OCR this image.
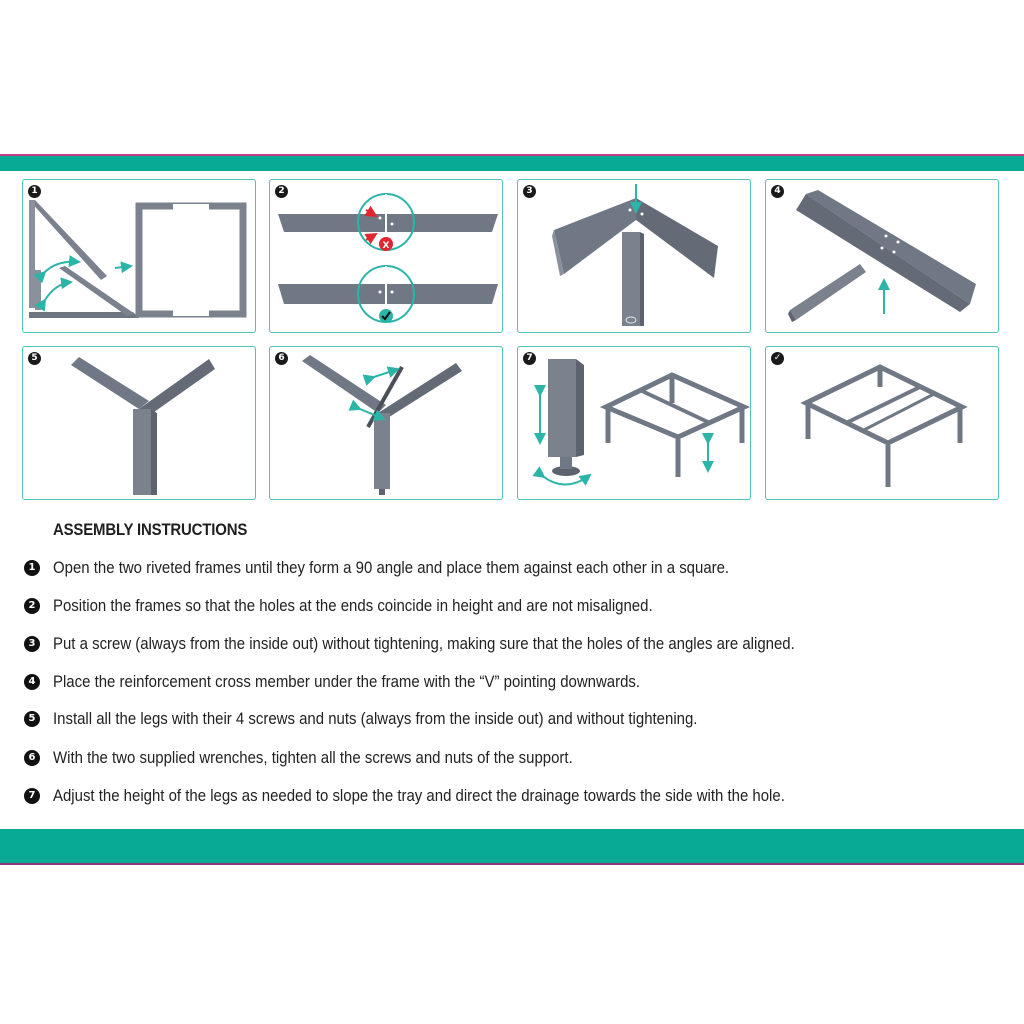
1
X
2	3	4
5	6	7	✓
ASSEMBLY INSTRUCTIONS
1 Open the two riveted frames until they form a 90 angle and place them against each other in a square.
2 Position the frames so that the holes at the ends coincide in height and are not misaligned.
3 Put a screw (always from the inside out) without tightening, making sure that the holes of the angles are aligned.
4 Place the reinforcement cross member under the frame with the “V” pointing downwards.
5 Install all the legs with their 4 screws and nuts (always from the inside out) and without tightening.
6 With the two supplied wrenches, tighten all the screws and nuts of the support.
7 Adjust the height of the legs as needed to slope the tray and direct the drainage towards the side with the hole.
